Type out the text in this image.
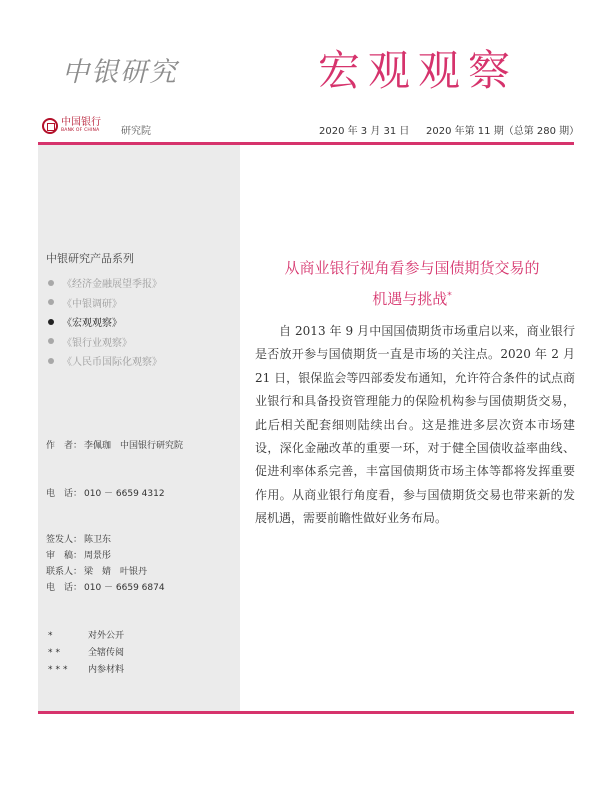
中银研究	宏观观察
中国银行
BANK OF CHINA 研究院	2020 年 3 月 31 日 2020 年第 11 期（总第 280 期）
中银研究产品系列
《经济金融展望季报》
《中银调研》
《宏观观察》
《银行业观察》
《人民币国际化观察》
作　者： 李佩珈　中国银行研究院
电　话： 010 － 6659 4312
签发人： 陈卫东
审　稿： 周景彤
联系人： 梁　婧　叶银丹
电　话： 010 － 6659 6874
*	对外公开
**	全辖传阅
*** 内参材料
从商业银行视角看参与国债期货交易的
机遇与挑战*

自 2013 年 9 月中国国债期货市场重启以来，商业银行是否放开参与国债期货一直是市场的关注点。2020 年 2 月 21 日，银保监会等四部委发布通知，允许符合条件的试点商业银行和具备投资管理能力的保险机构参与国债期货交易，此后相关配套细则陆续出台。这是推进多层次资本市场建设，深化金融改革的重要一环，对于健全国债收益率曲线、促进利率体系完善，丰富国债期货市场主体等都将发挥重要作用。从商业银行角度看，参与国债期货交易也带来新的发展机遇，需要前瞻性做好业务布局。
